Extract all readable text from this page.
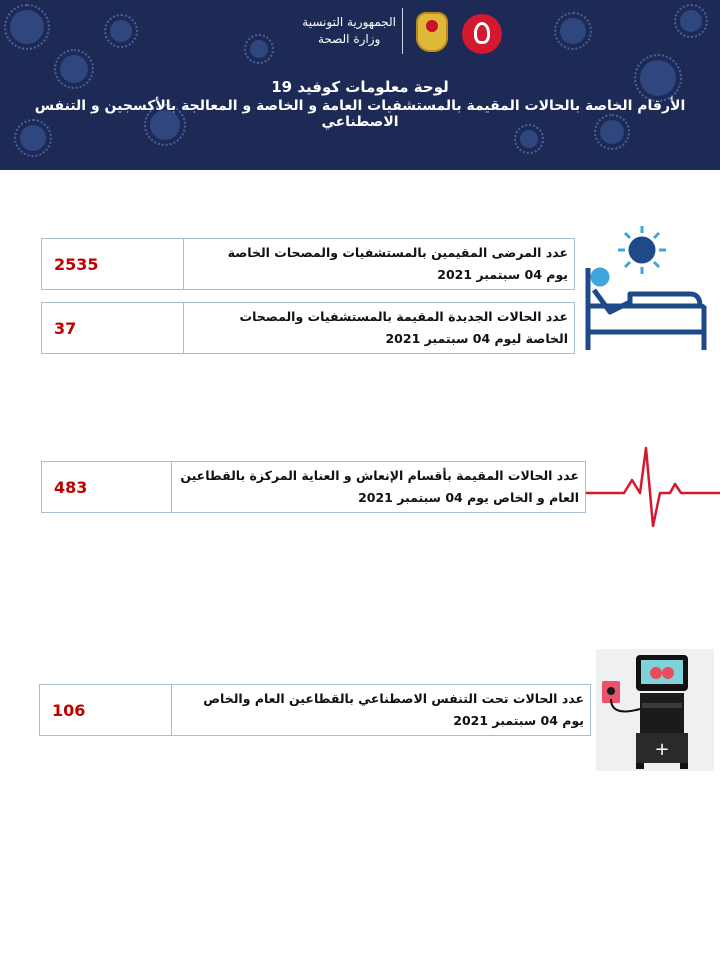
الجمهورية التونسية
وزارة الصحة
لوحة معلومات كوفيد 19
الأرقام الخاصة بالحالات المقيمة بالمستشفيات العامة و الخاصة و المعالجة بالأكسجين و التنفس الاصطناعي
2535
عدد المرضى المقيمين بالمستشفيات والمصحات الخاصة
يوم 04 سبتمبر 2021
37
عدد الحالات الجديدة المقيمة بالمستشفيات والمصحات
الخاصة ليوم 04 سبتمبر 2021
483
عدد الحالات المقيمة بأقسام الإنعاش و العناية المركزة بالقطاعين
العام و الخاص يوم 04 سبتمبر 2021
106
عدد الحالات تحت التنفس الاصطناعي بالقطاعين العام والخاص
يوم 04 سبتمبر 2021
+
